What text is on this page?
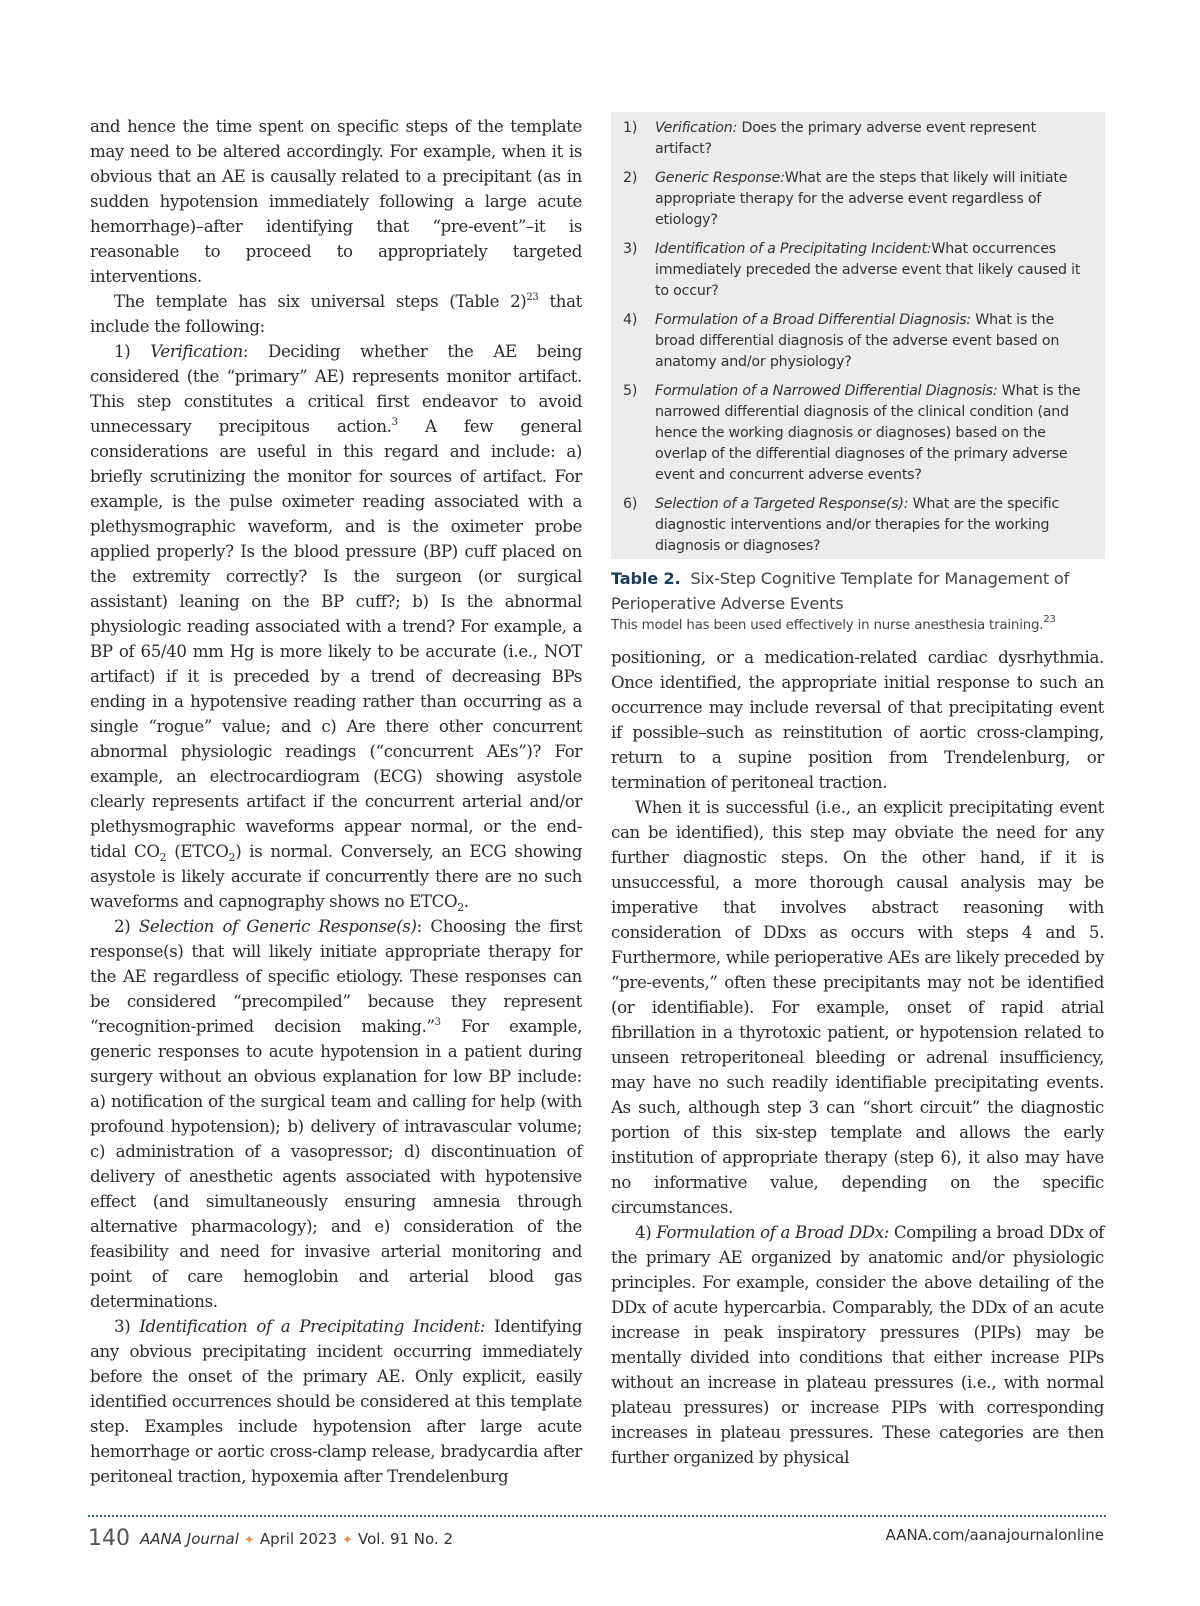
and hence the time spent on specific steps of the template may need to be altered accordingly. For example, when it is obvious that an AE is causally related to a precipitant (as in sudden hypotension immediately following a large acute hemorrhage)–after identifying that “pre-event”–it is reasonable to proceed to appropriately targeted interventions.

The template has six universal steps (Table 2)$^{23}$ that include the following:

1) Verification: Deciding whether the AE being considered (the “primary” AE) represents monitor artifact. This step constitutes a critical first endeavor to avoid unnecessary precipitous action.$^3$ A few general considerations are useful in this regard and include: a) briefly scrutinizing the monitor for sources of artifact. For example, is the pulse oximeter reading associated with a plethysmographic waveform, and is the oximeter probe applied properly? Is the blood pressure (BP) cuff placed on the extremity correctly? Is the surgeon (or surgical assistant) leaning on the BP cuff?; b) Is the abnormal physiologic reading associated with a trend? For example, a BP of 65/40 mm Hg is more likely to be accurate (i.e., NOT artifact) if it is preceded by a trend of decreasing BPs ending in a hypotensive reading rather than occurring as a single “rogue” value; and c) Are there other concurrent abnormal physiologic readings (“concurrent AEs”)? For example, an electrocardiogram (ECG) showing asystole clearly represents artifact if the concurrent arterial and/or plethysmographic waveforms appear normal, or the end-tidal $CO_2$ $(ETCO_2)$ is normal. Conversely, an ECG showing asystole is likely accurate if concurrently there are no such waveforms and capnography shows no $ETCO_2$.

2) Selection of Generic Response(s): Choosing the first response(s) that will likely initiate appropriate therapy for the AE regardless of specific etiology. These responses can be considered “precompiled” because they represent “recognition-primed decision making.”$^3$ For example, generic responses to acute hypotension in a patient during surgery without an obvious explanation for low BP include: a) notification of the surgical team and calling for help (with profound hypotension); b) delivery of intravascular volume; c) administration of a vasopressor; d) discontinuation of delivery of anesthetic agents associated with hypotensive effect (and simultaneously ensuring amnesia through alternative pharmacology); and e) consideration of the feasibility and need for invasive arterial monitoring and point of care hemoglobin and arterial blood gas determinations.

3) Identification of a Precipitating Incident: Identifying any obvious precipitating incident occurring immediately before the onset of the primary AE. Only explicit, easily identified occurrences should be considered at this template step. Examples include hypotension after large acute hemorrhage or aortic cross-clamp release, bradycardia after peritoneal traction, hypoxemia after Trendelenburg

1) Verification: Does the primary adverse event represent artifact?
2) Generic Response:What are the steps that likely will initiate appropriate therapy for the adverse event regardless of etiology?
3) Identification of a Precipitating Incident:What occurrences immediately preceded the adverse event that likely caused it to occur?
4) Formulation of a Broad Differential Diagnosis: What is the broad differential diagnosis of the adverse event based on anatomy and/or physiology?
5) Formulation of a Narrowed Differential Diagnosis: What is the narrowed differential diagnosis of the clinical condition (and hence the working diagnosis or diagnoses) based on the overlap of the differential diagnoses of the primary adverse event and concurrent adverse events?
6) Selection of a Targeted Response(s): What are the specific diagnostic interventions and/or therapies for the working diagnosis or diagnoses?
Table 2. Six-Step Cognitive Template for Management of Perioperative Adverse Events
This model has been used effectively in nurse anesthesia training.$^{23}$

positioning, or a medication-related cardiac dysrhythmia. Once identified, the appropriate initial response to such an occurrence may include reversal of that precipitating event if possible–such as reinstitution of aortic cross-clamping, return to a supine position from Trendelenburg, or termination of peritoneal traction.

When it is successful (i.e., an explicit precipitating event can be identified), this step may obviate the need for any further diagnostic steps. On the other hand, if it is unsuccessful, a more thorough causal analysis may be imperative that involves abstract reasoning with consideration of DDxs as occurs with steps 4 and 5. Furthermore, while perioperative AEs are likely preceded by “pre-events,” often these precipitants may not be identified (or identifiable). For example, onset of rapid atrial fibrillation in a thyrotoxic patient, or hypotension related to unseen retroperitoneal bleeding or adrenal insufficiency, may have no such readily identifiable precipitating events. As such, although step 3 can “short circuit” the diagnostic portion of this six-step template and allows the early institution of appropriate therapy (step 6), it also may have no informative value, depending on the specific circumstances.

4) Formulation of a Broad DDx: Compiling a broad DDx of the primary AE organized by anatomic and/or physiologic principles. For example, consider the above detailing of the DDx of acute hypercarbia. Comparably, the DDx of an acute increase in peak inspiratory pressures (PIPs) may be mentally divided into conditions that either increase PIPs without an increase in plateau pressures (i.e., with normal plateau pressures) or increase PIPs with corresponding increases in plateau pressures. These categories are then further organized by physical

140 AANA Journal ✦ April 2023 ✦ Vol. 91 No. 2	AANA.com/aanajournalonline
